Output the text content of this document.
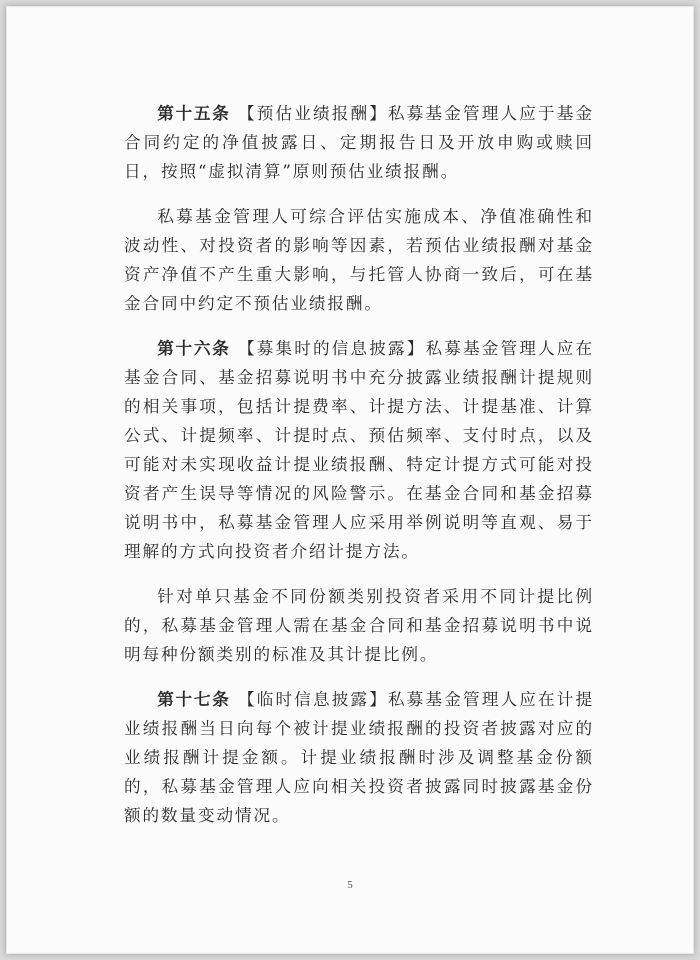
第十五条 【预估业绩报酬】私募基金管理人应于基金合同约定的净值披露日、定期报告日及开放申购或赎回日，按照“虚拟清算”原则预估业绩报酬。

私募基金管理人可综合评估实施成本、净值准确性和波动性、对投资者的影响等因素，若预估业绩报酬对基金资产净值不产生重大影响，与托管人协商一致后，可在基金合同中约定不预估业绩报酬。

第十六条 【募集时的信息披露】私募基金管理人应在基金合同、基金招募说明书中充分披露业绩报酬计提规则的相关事项，包括计提费率、计提方法、计提基准、计算公式、计提频率、计提时点、预估频率、支付时点，以及可能对未实现收益计提业绩报酬、特定计提方式可能对投资者产生误导等情况的风险警示。在基金合同和基金招募说明书中，私募基金管理人应采用举例说明等直观、易于理解的方式向投资者介绍计提方法。

针对单只基金不同份额类别投资者采用不同计提比例的，私募基金管理人需在基金合同和基金招募说明书中说明每种份额类别的标准及其计提比例。

第十七条 【临时信息披露】私募基金管理人应在计提业绩报酬当日向每个被计提业绩报酬的投资者披露对应的业绩报酬计提金额。计提业绩报酬时涉及调整基金份额的，私募基金管理人应向相关投资者披露同时披露基金份额的数量变动情况。

5
